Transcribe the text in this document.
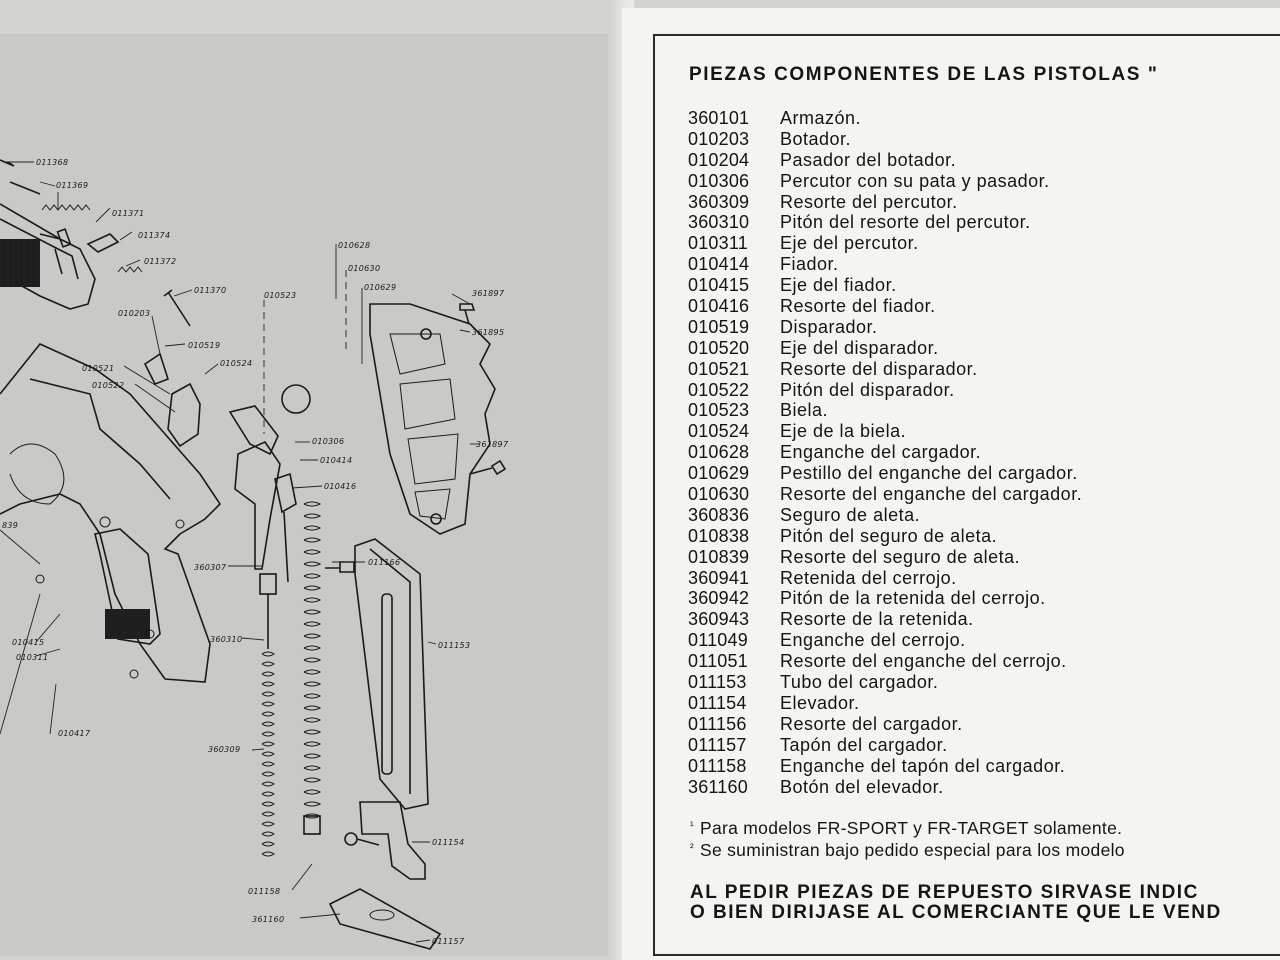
011368
011369
011371
011374
011372
011370
010203
010519
010524
010521
010522
010523
010628
010630
010629
361897
361895
361897
010306
010414
010416
011166
360307
360310
011153
839
010415
010311
010417
360309
011154
011158
361160
011157
PIEZAS COMPONENTES DE LAS PISTOLAS "
360101	Armazón.
010203	Botador.
010204	Pasador del botador.
010306	Percutor con su pata y pasador.
360309	Resorte del percutor.
360310	Pitón del resorte del percutor.
010311	Eje del percutor.
010414	Fiador.
010415	Eje del fiador.
010416	Resorte del fiador.
010519	Disparador.
010520	Eje del disparador.
010521	Resorte del disparador.
010522	Pitón del disparador.
010523	Biela.
010524	Eje de la biela.
010628	Enganche del cargador.
010629	Pestillo del enganche del cargador.
010630	Resorte del enganche del cargador.
360836	Seguro de aleta.
010838	Pitón del seguro de aleta.
010839	Resorte del seguro de aleta.
360941	Retenida del cerrojo.
360942	Pitón de la retenida del cerrojo.
360943	Resorte de la retenida.
011049	Enganche del cerrojo.
011051	Resorte del enganche del cerrojo.
011153	Tubo del cargador.
011154	Elevador.
011156	Resorte del cargador.
011157	Tapón del cargador.
011158	Enganche del tapón del cargador.
361160	Botón del elevador.
$^{^1}$ Para modelos FR-SPORT y FR-TARGET solamente.
$^{^2}$ Se suministran bajo pedido especial para los modelo
AL PEDIR PIEZAS DE REPUESTO SIRVASE INDIC
O BIEN DIRIJASE AL COMERCIANTE QUE LE VEND
